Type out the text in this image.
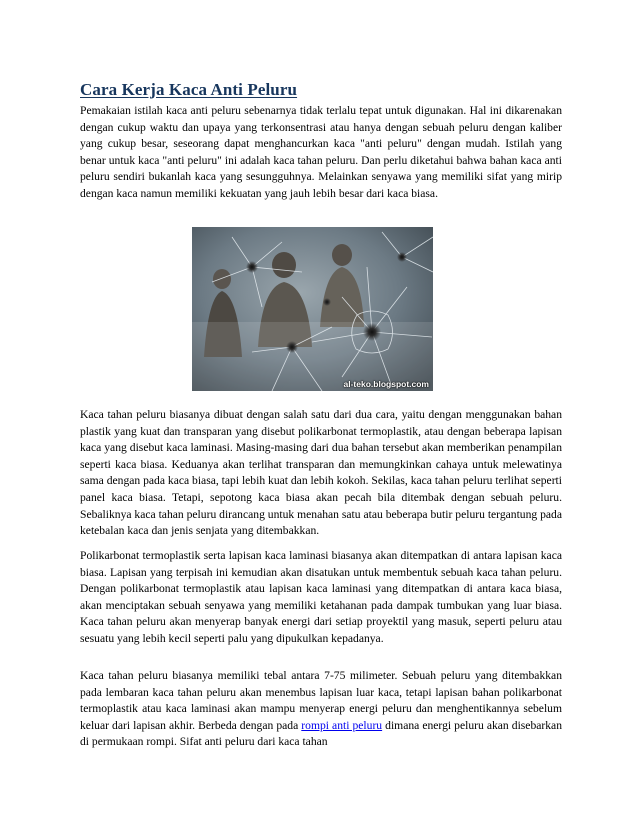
Cara Kerja Kaca Anti Peluru

Pemakaian istilah kaca anti peluru sebenarnya tidak terlalu tepat untuk digunakan. Hal ini dikarenakan dengan cukup waktu dan upaya yang terkonsentrasi atau hanya dengan sebuah peluru dengan kaliber yang cukup besar, seseorang dapat menghancurkan kaca "anti peluru" dengan mudah. Istilah yang benar untuk kaca "anti peluru" ini adalah kaca tahan peluru. Dan perlu diketahui bahwa bahan kaca anti peluru sendiri bukanlah kaca yang sesungguhnya. Melainkan senyawa yang memiliki sifat yang mirip dengan kaca namun memiliki kekuatan yang jauh lebih besar dari kaca biasa.

al-teko.blogspot.com

Kaca tahan peluru biasanya dibuat dengan salah satu dari dua cara, yaitu dengan menggunakan bahan plastik yang kuat dan transparan yang disebut polikarbonat termoplastik, atau dengan beberapa lapisan kaca yang disebut kaca laminasi. Masing-masing dari dua bahan tersebut akan memberikan penampilan seperti kaca biasa. Keduanya akan terlihat transparan dan memungkinkan cahaya untuk melewatinya sama dengan pada kaca biasa, tapi lebih kuat dan lebih kokoh. Sekilas, kaca tahan peluru terlihat seperti panel kaca biasa. Tetapi, sepotong kaca biasa akan pecah bila ditembak dengan sebuah peluru. Sebaliknya kaca tahan peluru dirancang untuk menahan satu atau beberapa butir peluru tergantung pada ketebalan kaca dan jenis senjata yang ditembakkan.

Polikarbonat termoplastik serta lapisan kaca laminasi biasanya akan ditempatkan di antara lapisan kaca biasa. Lapisan yang terpisah ini kemudian akan disatukan untuk membentuk sebuah kaca tahan peluru. Dengan polikarbonat termoplastik atau lapisan kaca laminasi yang ditempatkan di antara kaca biasa, akan menciptakan sebuah senyawa yang memiliki ketahanan pada dampak tumbukan yang luar biasa. Kaca tahan peluru akan menyerap banyak energi dari setiap proyektil yang masuk, seperti peluru atau sesuatu yang lebih kecil seperti palu yang dipukulkan kepadanya.

Kaca tahan peluru biasanya memiliki tebal antara 7-75 milimeter. Sebuah peluru yang ditembakkan pada lembaran kaca tahan peluru akan menembus lapisan luar kaca, tetapi lapisan bahan polikarbonat termoplastik atau kaca laminasi akan mampu menyerap energi peluru dan menghentikannya sebelum keluar dari lapisan akhir. Berbeda dengan pada rompi anti peluru dimana energi peluru akan disebarkan di permukaan rompi. Sifat anti peluru dari kaca tahan
